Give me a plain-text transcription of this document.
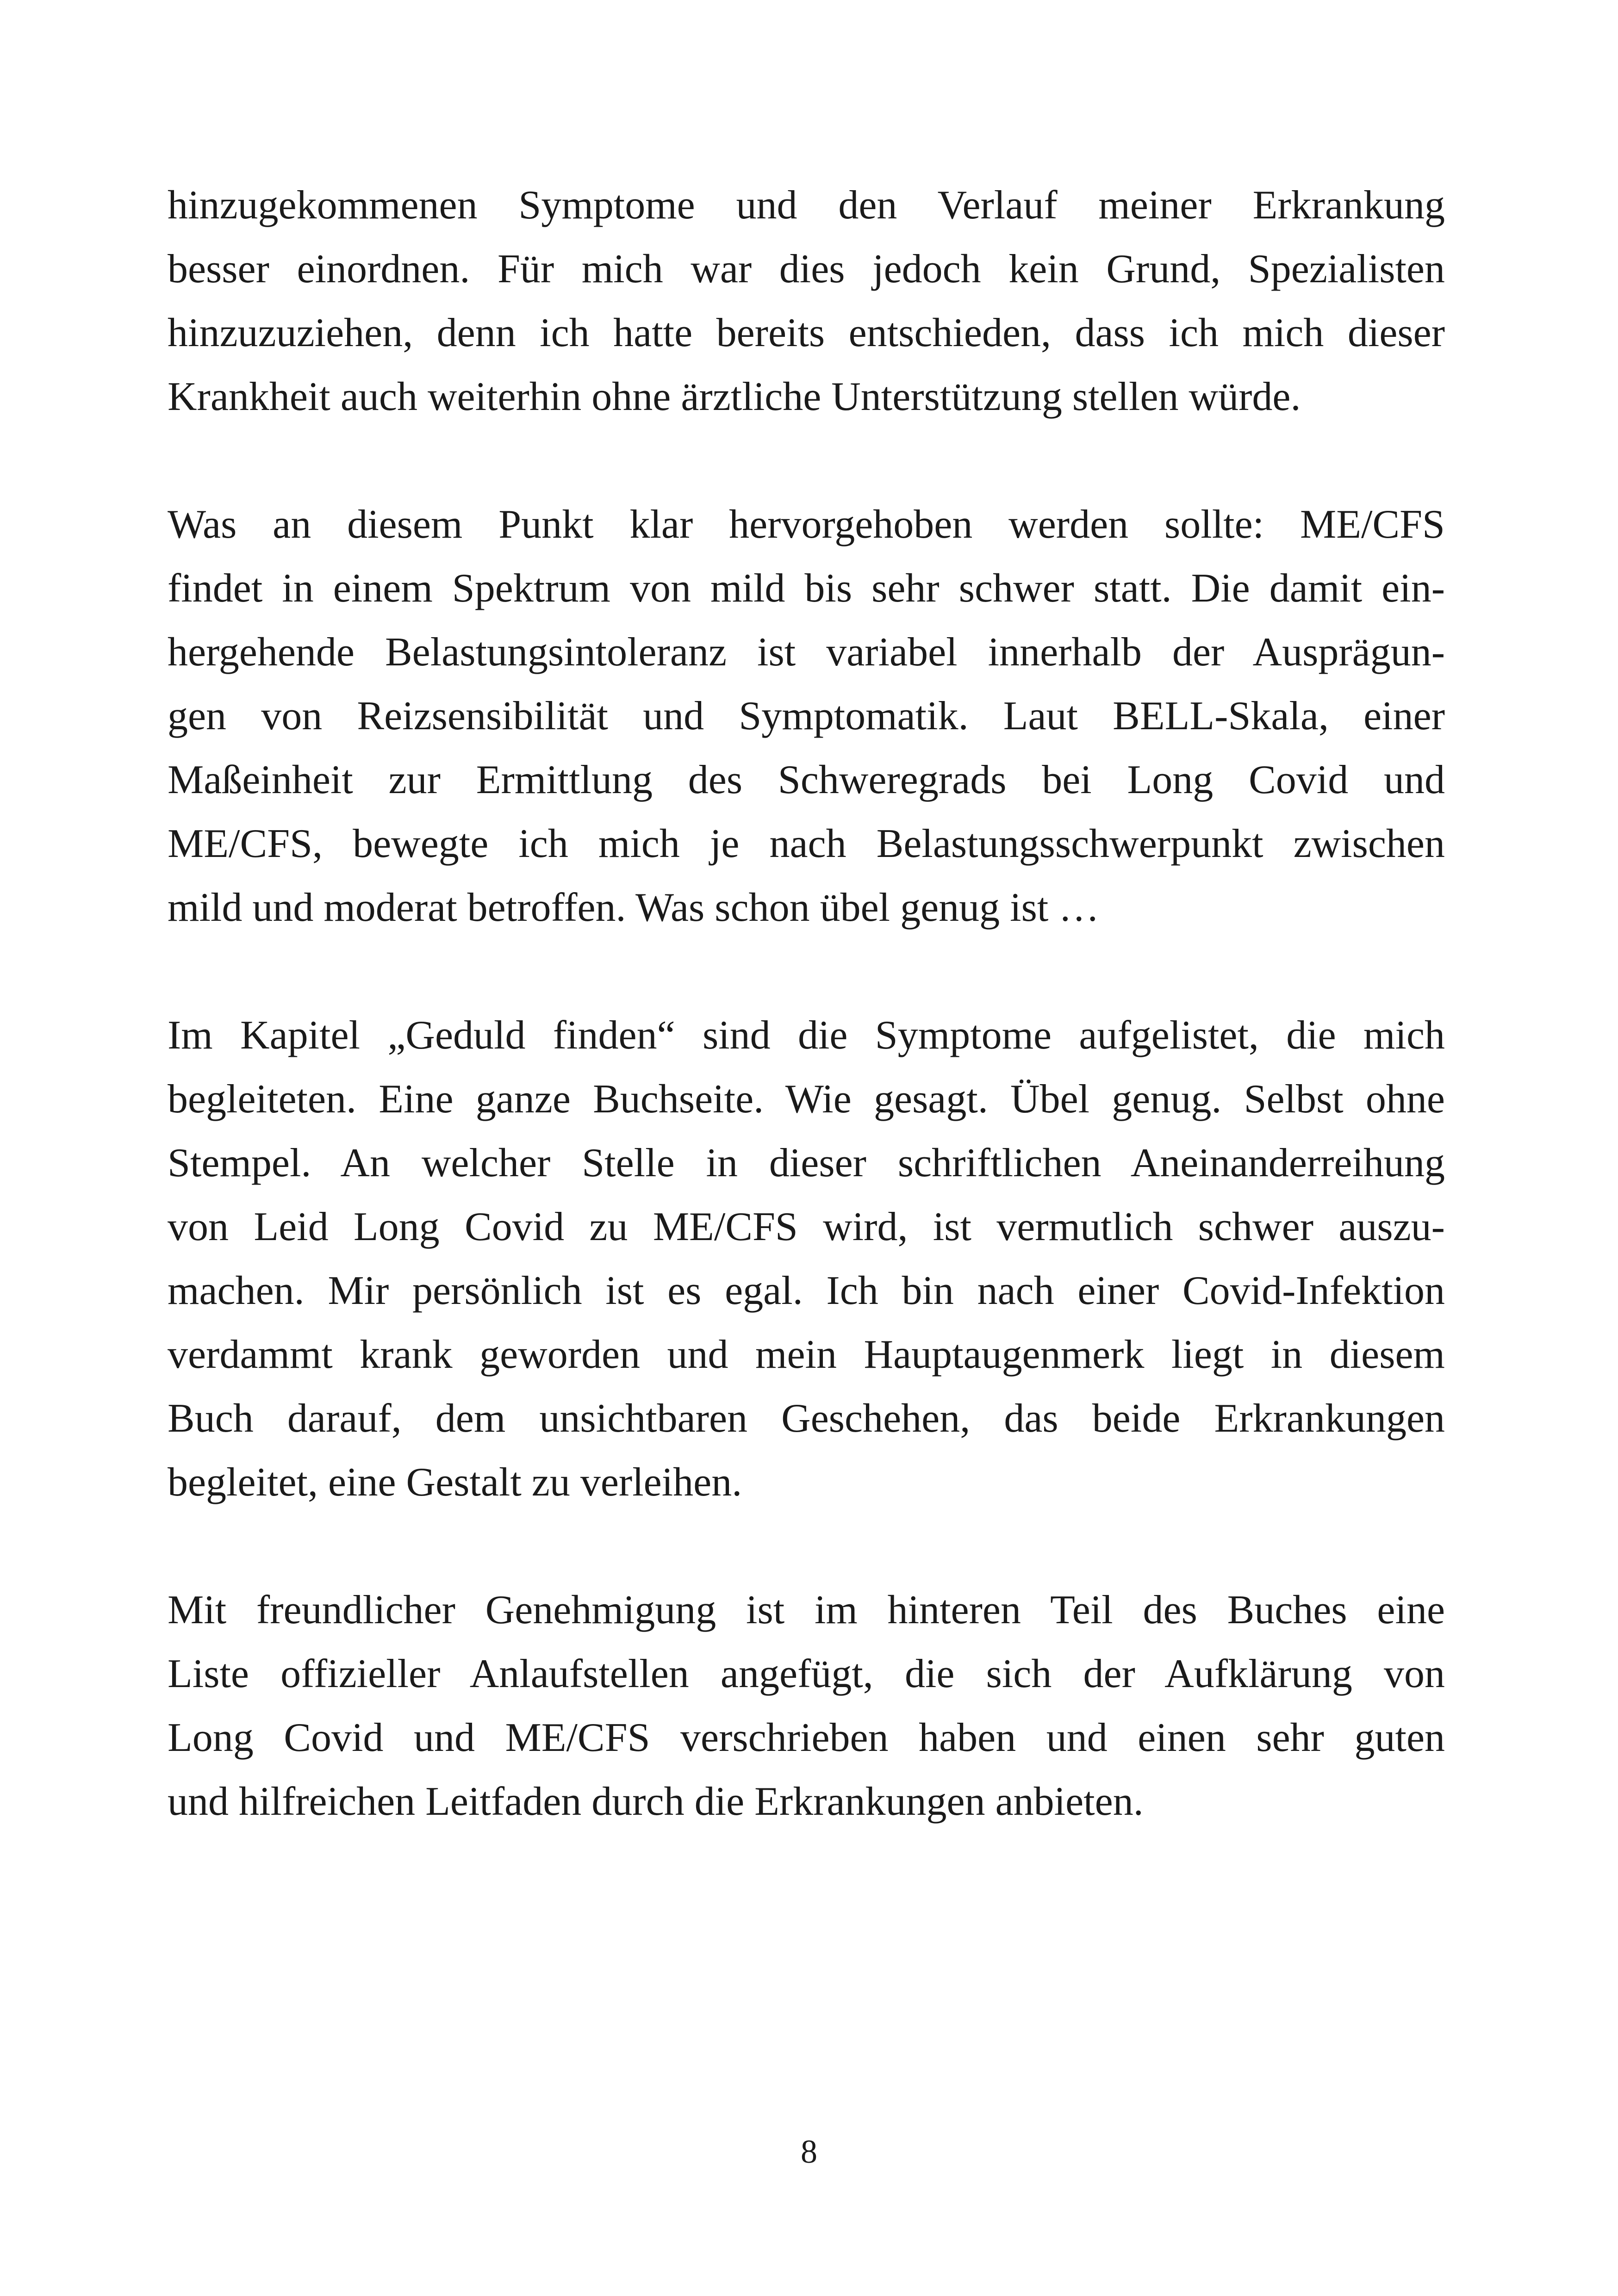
hinzugekommenen Symptome und den Verlauf meiner Erkrankung
besser einordnen. Für mich war dies jedoch kein Grund, Spezialisten
hinzuzuziehen, denn ich hatte bereits entschieden, dass ich mich dieser
Krankheit auch weiterhin ohne ärztliche Unterstützung stellen würde.

Was an diesem Punkt klar hervorgehoben werden sollte: ME/CFS
findet in einem Spektrum von mild bis sehr schwer statt. Die damit ein-
hergehende Belastungsintoleranz ist variabel innerhalb der Ausprägun-
gen von Reizsensibilität und Symptomatik. Laut BELL-Skala, einer
Maßeinheit zur Ermittlung des Schweregrads bei Long Covid und
ME/CFS, bewegte ich mich je nach Belastungsschwerpunkt zwischen
mild und moderat betroffen. Was schon übel genug ist …

Im Kapitel „Geduld finden“ sind die Symptome aufgelistet, die mich
begleiteten. Eine ganze Buchseite. Wie gesagt. Übel genug. Selbst ohne
Stempel. An welcher Stelle in dieser schriftlichen Aneinanderreihung
von Leid Long Covid zu ME/CFS wird, ist vermutlich schwer auszu-
machen. Mir persönlich ist es egal. Ich bin nach einer Covid-Infektion
verdammt krank geworden und mein Hauptaugenmerk liegt in diesem
Buch darauf, dem unsichtbaren Geschehen, das beide Erkrankungen
begleitet, eine Gestalt zu verleihen.

Mit freundlicher Genehmigung ist im hinteren Teil des Buches eine
Liste offizieller Anlaufstellen angefügt, die sich der Aufklärung von
Long Covid und ME/CFS verschrieben haben und einen sehr guten
und hilfreichen Leitfaden durch die Erkrankungen anbieten.

8
